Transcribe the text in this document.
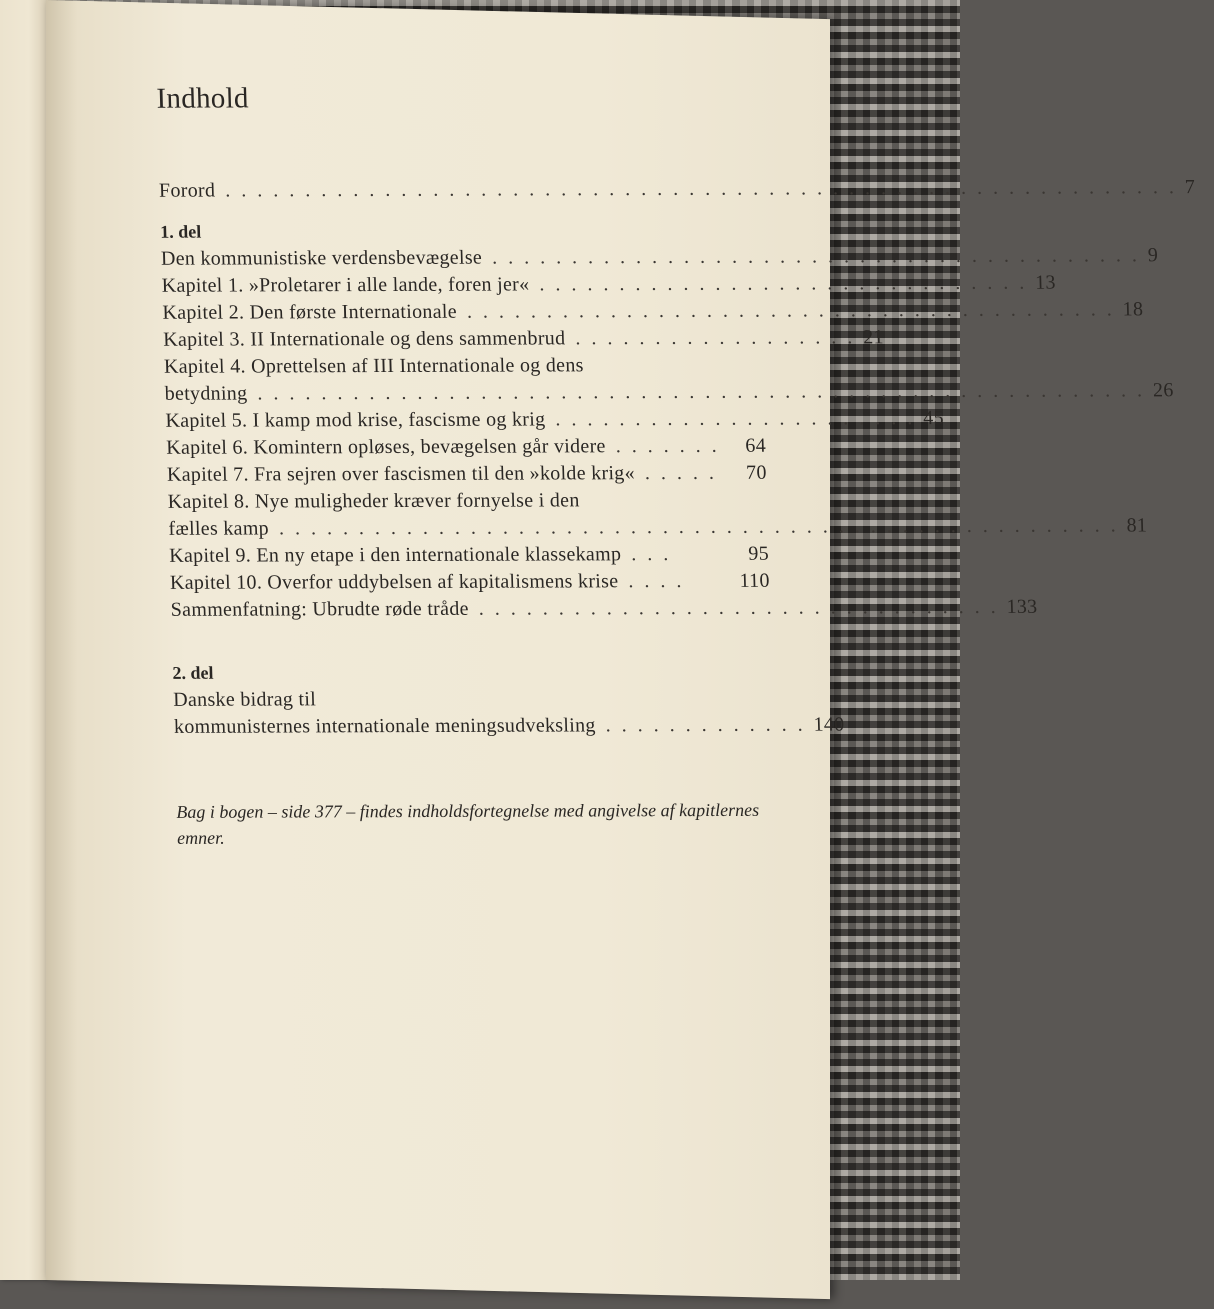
Indhold
Forord . . . . . . . . . . . . . . . . . . . . . . . . . . . . . . . . . . . . . . . . . . . . . . . . . . . . . . . . . . . . 7
1. del
Den kommunistiske verdensbevægelse . . . . . . . . . . . . . . . . . . . . . . . . . . . . . . . . . . . . . . . . . 9
Kapitel 1. »Proletarer i alle lande, foren jer« . . . . . . . . . . . . . . . . . . . . . . . . . . . . . . . 13
Kapitel 2. Den første Internationale . . . . . . . . . . . . . . . . . . . . . . . . . . . . . . . . . . . . . . . . . 18
Kapitel 3. II Internationale og dens sammenbrud . . . . . . . . . . . . . . . . . . 21
Kapitel 4. Oprettelsen af III Internationale og dens
betydning . . . . . . . . . . . . . . . . . . . . . . . . . . . . . . . . . . . . . . . . . . . . . . . . . . . . . . . . 26
Kapitel 5. I kamp mod krise, fascisme og krig . . . . . . . . . . . . . . . . . . . . . . . 45
Kapitel 6. Komintern opløses, bevægelsen går videre . . . . . . .	64
Kapitel 7. Fra sejren over fascismen til den »kolde krig« . . . . .	70
Kapitel 8. Nye muligheder kræver fornyelse i den
fælles kamp . . . . . . . . . . . . . . . . . . . . . . . . . . . . . . . . . . . . . . . . . . . . . . . . . . . . . 81
Kapitel 9. En ny etape i den internationale klassekamp . . .	95
Kapitel 10. Overfor uddybelsen af kapitalismens krise . . . .	110
Sammenfatning: Ubrudte røde tråde . . . . . . . . . . . . . . . . . . . . . . . . . . . . . . . . . 133
2. del
Danske bidrag til
kommunisternes internationale meningsudveksling . . . . . . . . . . . . . 140
Bag i bogen – side 377 – findes indholdsfortegnelse med angivelse af kapitlernes emner.
